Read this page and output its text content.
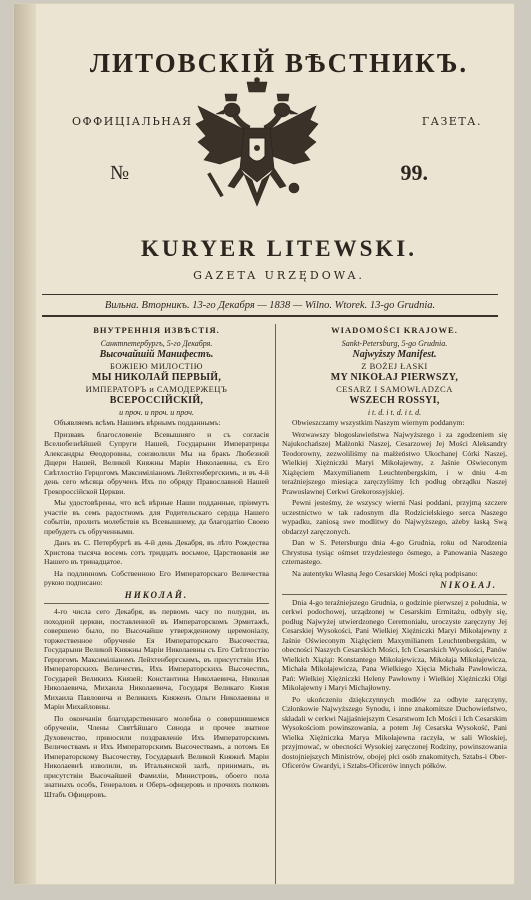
ЛИТОВСКІЙ ВѢСТНИКЪ.
ОФФИЦІАЛЬНАЯ	ГАЗЕТА.
№	99.
KURYER LITEWSKI.
GAZETA URZĘDOWA.
Вильна. Вторникъ. 13-го Декабря — 1838 — Wilno. Wtorek. 13-go Grudnia.
ВНУТРЕННІЯ ИЗВѢСТІЯ.
Санктпетербургъ, 5-го Декабря.
Высочайшій Манифестъ.
БОЖІЕЮ МИЛОСТІЮ
МЫ НИКОЛАЙ ПЕРВЫЙ,
ИМПЕРАТОРЪ и САМОДЕРЖЕЦЪ
ВСЕРОССІЙСКІЙ,
и проч. и проч. и проч.

Объявляемъ всѣмъ Нашимъ вѣрнымъ подданнымъ:

Призвавъ благословеніе Всевышняго и съ согласія Вселюбезнѣйшей Супруги Нашей, Государыни Императрицы Александры Ѳеодоровны, соизволили Мы на бракъ Любезной Дщери Нашей, Великой Княжны Маріи Николаевны, съ Его Свѣтлостію Герцогомъ Максиміліаномъ Лейхтенбергскимъ, и въ 4-й день сего мѣсяца обрученъ Ихъ по обряду Православной Нашей Грекороссійской Церкви.

Мы удостовѣрены, что всѣ вѣрные Наши подданные, пріимутъ участіе въ семъ радостномъ для Родительскаго сердца Нашего событіи, пролить молебствія къ Всевышнему, да благодатію Своею пребудетъ съ обрученными.

Данъ въ С. Петербургѣ въ 4-й день Декабря, въ лѣто Рождества Христова тысяча восемь сотъ тридцать восьмое, Царствованія же Нашего въ тринадцатое.

На подлинномъ Собственною Его Императорскаго Величества рукою подписано:

НИКОЛАЙ.

4-го числа сего Декабря, въ первомъ часу по полудни, въ походной церкви, поставленной въ Императорскомъ Эрмитажѣ, совершено было, по Высочайше утвержденному церемоніалу, торжественное обрученіе Ея Императорскаго Высочества, Государыни Великой Княжны Маріи Николаевны съ Его Свѣтлостію Герцогомъ Максиміліаномъ Лейхтенбергскимъ, въ присутствіи Ихъ Императорскихъ Величествъ, Ихъ Императорскихъ Высочествъ, Государей Великихъ Князей: Константина Николаевича, Николая Николаевича, Михаила Николаевича, Государя Великаго Князя Михаила Павловича и Великихъ Княженъ Ольги Николаевны и Маріи Михайловны.

По окончаніи благодарственнаго молебна о совершившемся обрученіи, Члены Святѣйшаго Синода и прочее знатное Духовенство, приносили поздравленіе Ихъ Императорскимъ Величествамъ и Ихъ Императорскимъ Высочествамъ, а потомъ Ея Императорскому Высочеству, Государынѣ Великой Княжнѣ Маріи Николаевнѣ изволили, въ Итальянской залѣ, принимать, въ присутствіи Высочайшей Фамиліи, Министровъ, обоего пола знатныхъ особъ, Генераловъ и Оберъ-офицеровъ и прочихъ полковъ Штабъ Офицеровъ.

WIADOMOŚCI KRAJOWE.
Sankt-Petersburg, 5-go Grudnia.
Najwyższy Manifest.
Z BOŻEJ ŁASKI
MY NIKOŁAJ PIERWSZY,
CESARZ I SAMOWŁADZCA
WSZECH ROSSYI,
i t. d. i t. d. i t. d.

Obwieszczamy wszystkim Naszym wiernym poddanym:

Wezwawszy błogosławieństwa Najwyższego i za zgodzeniem się Najukochańszej Małżonki Naszej, Cesarzowej Jej Mości Aleksandry Teodorowny, zezwoliliśmy na małżeństwo Ukochanej Córki Naszej, Wielkiej Xiężniczki Maryi Mikołajewny, z Jaśnie Oświeconym Xiążęciem Maxymilianem Leuchtenbergskim, i w dniu 4-m teraźniejszego miesiąca zaręczyliśmy Ich podług obrządku Naszej Prawosławnej Cerkwi Grekorossyjskiej.

Pewni jesteśmy, że wszyscy wierni Nasi poddani, przyjmą szczere uczestnictwo w tak radosnym dla Rodzicielskiego serca Naszego wypadku, zaniosą swe modlitwy do Najwyższego, ażeby łaską Swą obdarzył zaręczonych.

Dan w S. Petersburgu dnia 4-go Grudnia, roku od Narodzenia Chrystusa tysiąc ośmset trzydziestego ósmego, a Panowania Naszego czternastego.

Na autentyku Własną Jego Cesarskiej Mości ręką podpisano:

NIKOŁAJ.

Dnia 4-go teraźniejszego Grudnia, o godzinie pierwszej z południa, w cerkwi podochowej, urządzonej w Cesarskim Ermitażu, odbyły się, podług Najwyżej utwierdzonego Ceremoniału, uroczyste zaręczyny Jej Cesarskiej Wysokości, Pani Wielkiej Xiężniczki Maryi Mikołajewny z Jaśnie Oświeconym Xiążęciem Maxymilianem Leuchtenbergskim, w obecności Naszych Cesarskich Mości, Ich Cesarskich Wysokości, Panów Wielkich Xiążąt: Konstantego Mikołajewicza, Mikołaja Mikołajewicza, Michała Mikołajewicza, Pana Wielkiego Xięcia Michała Pawłowicza, Pań: Wielkiej Xiężniczki Heleny Pawłowny i Wielkiej Xiężniczki Olgi Mikołajewny i Maryi Michajłowny.

Po ukończeniu dziękczynnych modłów za odbyte zaręczyny, Członkowie Najwyższego Synodu, i inne znakomitsze Duchowieństwo, składali w cerkwi Najjaśniejszym Cesarstwom Ich Mości i Ich Cesarskim Wysokościom powinszowania, a potem Jej Cesarska Wysokość, Pani Wielka Xiężniczka Marya Mikołajewna raczyła, w sali Włoskiej, przyjmować, w obecności Wysokiej zaręczonej Rodziny, powinszowania dostojniejszych Ministrów, obojej płci osób znakomitych, Sztabs-i Ober-Oficerów Gwardyi, i Sztabs-Oficerów innych półków.
